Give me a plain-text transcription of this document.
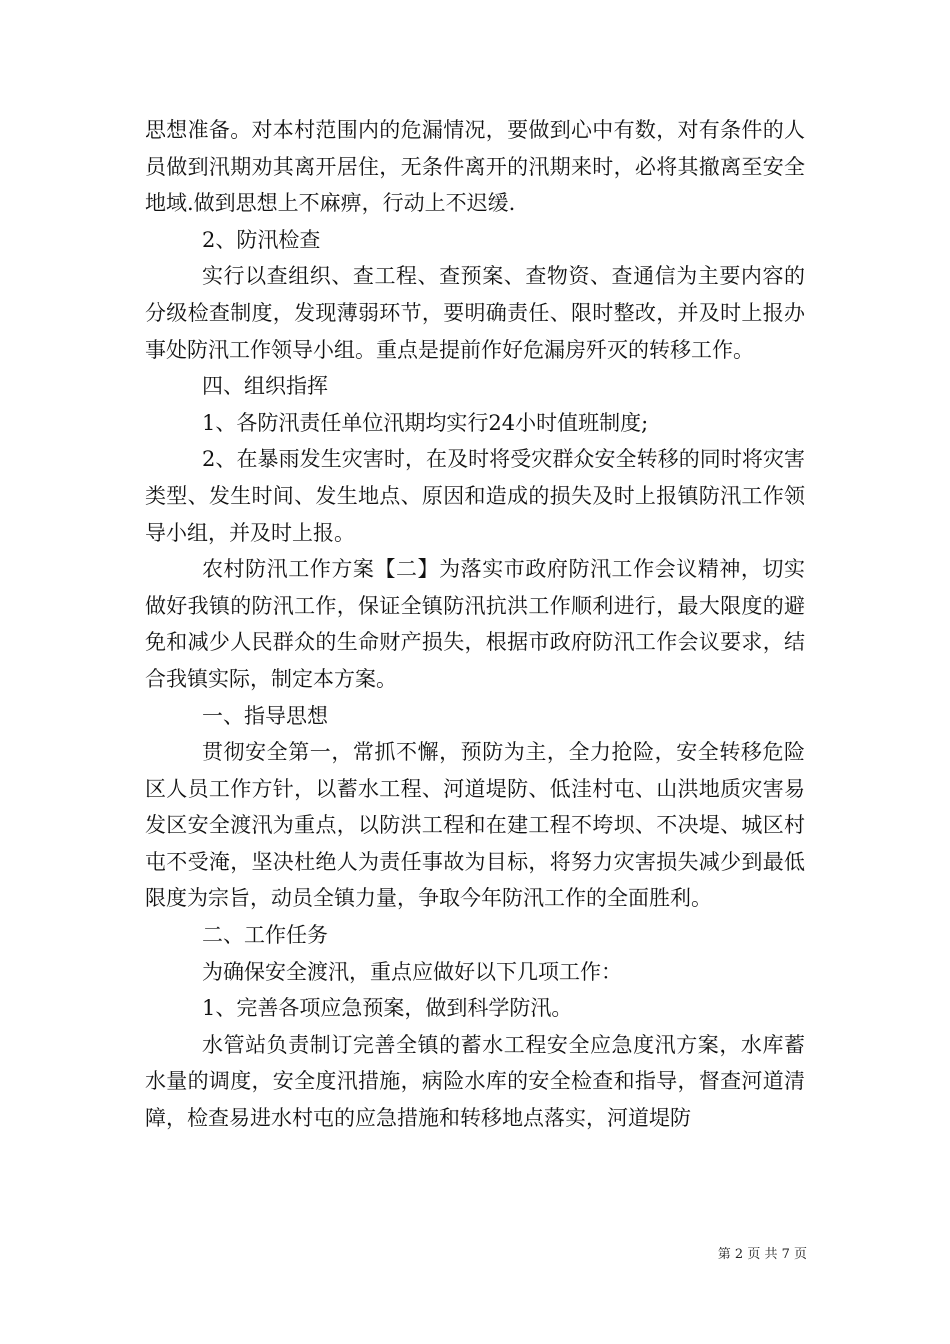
思想准备。对本村范围内的危漏情况，要做到心中有数，对有条件的人员做到汛期劝其离开居住，无条件离开的汛期来时，必将其撤离至安全地域.做到思想上不麻痹，行动上不迟缓.

2、防汛检查

实行以查组织、查工程、查预案、查物资、查通信为主要内容的分级检查制度，发现薄弱环节，要明确责任、限时整改，并及时上报办事处防汛工作领导小组。重点是提前作好危漏房歼灭的转移工作。

四、组织指挥

1、各防汛责任单位汛期均实行24小时值班制度;

2、在暴雨发生灾害时，在及时将受灾群众安全转移的同时将灾害类型、发生时间、发生地点、原因和造成的损失及时上报镇防汛工作领导小组，并及时上报。

农村防汛工作方案【二】为落实市政府防汛工作会议精神，切实做好我镇的防汛工作，保证全镇防汛抗洪工作顺利进行，最大限度的避免和减少人民群众的生命财产损失，根据市政府防汛工作会议要求，结合我镇实际，制定本方案。

一、指导思想

贯彻安全第一，常抓不懈，预防为主，全力抢险，安全转移危险区人员工作方针，以蓄水工程、河道堤防、低洼村屯、山洪地质灾害易发区安全渡汛为重点，以防洪工程和在建工程不垮坝、不决堤、城区村屯不受淹，坚决杜绝人为责任事故为目标，将努力灾害损失减少到最低限度为宗旨，动员全镇力量，争取今年防汛工作的全面胜利。

二、工作任务

为确保安全渡汛，重点应做好以下几项工作：

1、完善各项应急预案，做到科学防汛。

水管站负责制订完善全镇的蓄水工程安全应急度汛方案，水库蓄水量的调度，安全度汛措施，病险水库的安全检查和指导，督查河道清障，检查易进水村屯的应急措施和转移地点落实，河道堤防

第 2 页 共 7 页
